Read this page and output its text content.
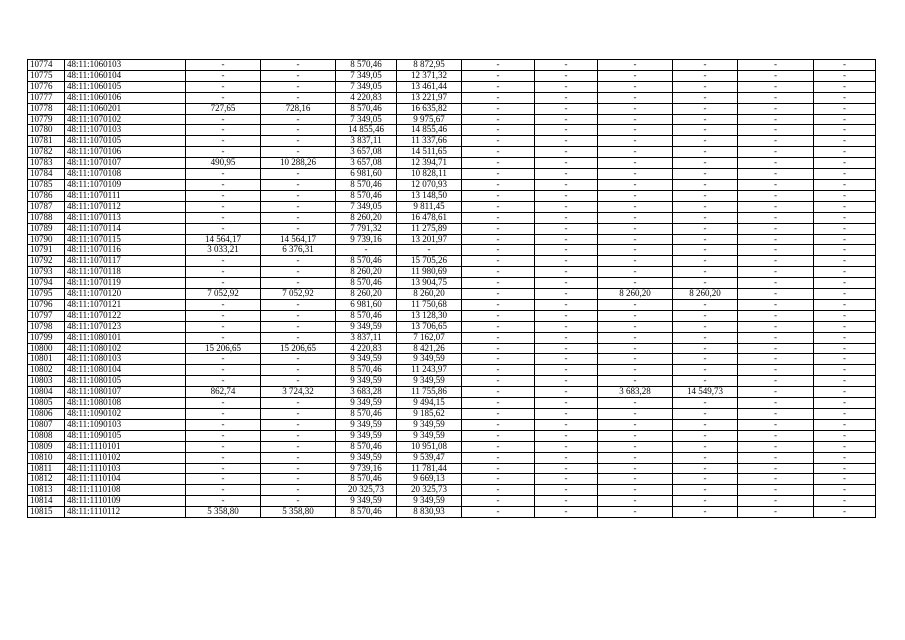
10774	48:11:1060103	-	-	8 570,46	8 872,95	-	-	-	-	-	-
10775	48:11:1060104	-	-	7 349,05	12 371,32	-	-	-	-	-	-
10776	48:11:1060105	-	-	7 349,05	13 461,44	-	-	-	-	-	-
10777	48:11:1060106	-	-	4 220,83	13 221,97	-	-	-	-	-	-
10778	48:11:1060201	727,65	728,16	8 570,46	16 635,82	-	-	-	-	-	-
10779	48:11:1070102	-	-	7 349,05	9 975,67	-	-	-	-	-	-
10780	48:11:1070103	-	-	14 855,46	14 855,46	-	-	-	-	-	-
10781	48:11:1070105	-	-	3 837,11	11 337,66	-	-	-	-	-	-
10782	48:11:1070106	-	-	3 657,08	14 511,65	-	-	-	-	-	-
10783	48:11:1070107	490,95	10 288,26	3 657,08	12 394,71	-	-	-	-	-	-
10784	48:11:1070108	-	-	6 981,60	10 828,11	-	-	-	-	-	-
10785	48:11:1070109	-	-	8 570,46	12 070,93	-	-	-	-	-	-
10786	48:11:1070111	-	-	8 570,46	13 148,50	-	-	-	-	-	-
10787	48:11:1070112	-	-	7 349,05	9 811,45	-	-	-	-	-	-
10788	48:11:1070113	-	-	8 260,20	16 478,61	-	-	-	-	-	-
10789	48:11:1070114	-	-	7 791,32	11 275,89	-	-	-	-	-	-
10790	48:11:1070115	14 564,17	14 564,17	9 739,16	13 201,97	-	-	-	-	-	-
10791	48:11:1070116	3 033,21	6 376,31	-	-	-	-	-	-	-	-
10792	48:11:1070117	-	-	8 570,46	15 705,26	-	-	-	-	-	-
10793	48:11:1070118	-	-	8 260,20	11 980,69	-	-	-	-	-	-
10794	48:11:1070119	-	-	8 570,46	13 904,75	-	-	-	-	-	-
10795	48:11:1070120	7 052,92	7 052,92	8 260,20	8 260,20	-	-	8 260,20	8 260,20	-	-
10796	48:11:1070121	-	-	6 981,60	11 750,68	-	-	-	-	-	-
10797	48:11:1070122	-	-	8 570,46	13 128,30	-	-	-	-	-	-
10798	48:11:1070123	-	-	9 349,59	13 706,65	-	-	-	-	-	-
10799	48:11:1080101	-	-	3 837,11	7 162,07	-	-	-	-	-	-
10800	48:11:1080102	15 206,65	15 206,65	4 220,83	8 421,26	-	-	-	-	-	-
10801	48:11:1080103	-	-	9 349,59	9 349,59	-	-	-	-	-	-
10802	48:11:1080104	-	-	8 570,46	11 243,97	-	-	-	-	-	-
10803	48:11:1080105	-	-	9 349,59	9 349,59	-	-	-	-	-	-
10804	48:11:1080107	862,74	3 724,32	3 683,28	11 755,86	-	-	3 683,28	14 549,73	-	-
10805	48:11:1080108	-	-	9 349,59	9 494,15	-	-	-	-	-	-
10806	48:11:1090102	-	-	8 570,46	9 185,62	-	-	-	-	-	-
10807	48:11:1090103	-	-	9 349,59	9 349,59	-	-	-	-	-	-
10808	48:11:1090105	-	-	9 349,59	9 349,59	-	-	-	-	-	-
10809	48:11:1110101	-	-	8 570,46	10 951,08	-	-	-	-	-	-
10810	48:11:1110102	-	-	9 349,59	9 539,47	-	-	-	-	-	-
10811	48:11:1110103	-	-	9 739,16	11 781,44	-	-	-	-	-	-
10812	48:11:1110104	-	-	8 570,46	9 669,13	-	-	-	-	-	-
10813	48:11:1110108	-	-	20 325,73	20 325,73	-	-	-	-	-	-
10814	48:11:1110109	-	-	9 349,59	9 349,59	-	-	-	-	-	-
10815	48:11:1110112	5 358,80	5 358,80	8 570,46	8 830,93	-	-	-	-	-	-
